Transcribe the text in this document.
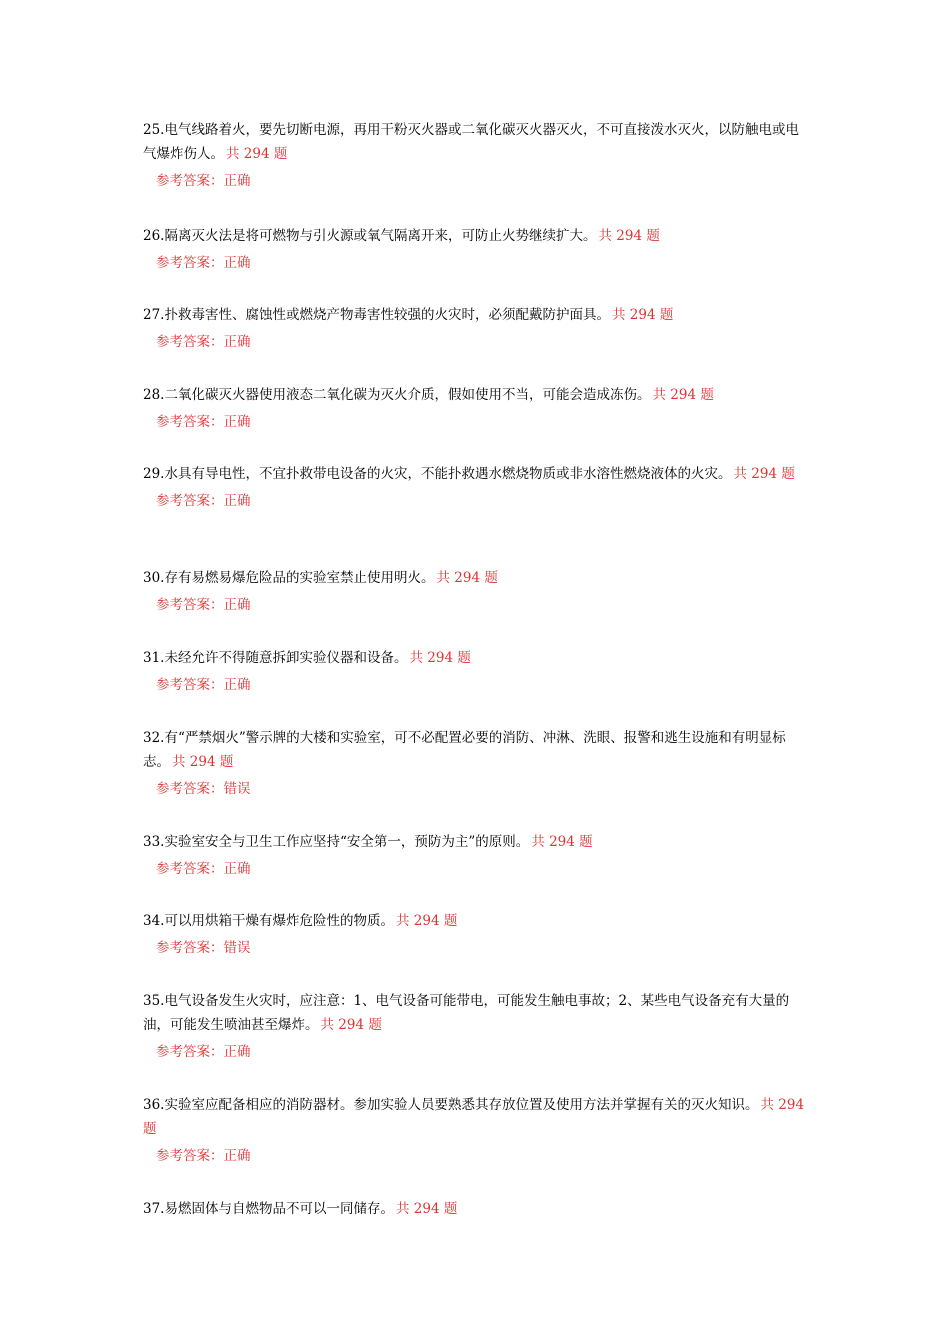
25.电气线路着火，要先切断电源，再用干粉灭火器或二氧化碳灭火器灭火，不可直接泼水灭火，以防触电或电气爆炸伤人。 共 294 题

参考答案：正确

26.隔离灭火法是将可燃物与引火源或氧气隔离开来，可防止火势继续扩大。 共 294 题

参考答案：正确

27.扑救毒害性、腐蚀性或燃烧产物毒害性较强的火灾时，必须配戴防护面具。 共 294 题

参考答案：正确

28.二氧化碳灭火器使用液态二氧化碳为灭火介质，假如使用不当，可能会造成冻伤。 共 294 题

参考答案：正确

29.水具有导电性，不宜扑救带电设备的火灾，不能扑救遇水燃烧物质或非水溶性燃烧液体的火灾。 共 294 题

参考答案：正确

30.存有易燃易爆危险品的实验室禁止使用明火。 共 294 题

参考答案：正确

31.未经允许不得随意拆卸实验仪器和设备。 共 294 题

参考答案：正确

32.有“严禁烟火”警示牌的大楼和实验室，可不必配置必要的消防、冲淋、洗眼、报警和逃生设施和有明显标志。 共 294 题

参考答案：错误

33.实验室安全与卫生工作应坚持“安全第一，预防为主”的原则。 共 294 题

参考答案：正确

34.可以用烘箱干燥有爆炸危险性的物质。 共 294 题

参考答案：错误

35.电气设备发生火灾时，应注意：1、电气设备可能带电，可能发生触电事故；2、某些电气设备充有大量的油，可能发生喷油甚至爆炸。 共 294 题

参考答案：正确

36.实验室应配备相应的消防器材。参加实验人员要熟悉其存放位置及使用方法并掌握有关的灭火知识。 共 294 题

参考答案：正确

37.易燃固体与自燃物品不可以一同储存。 共 294 题
